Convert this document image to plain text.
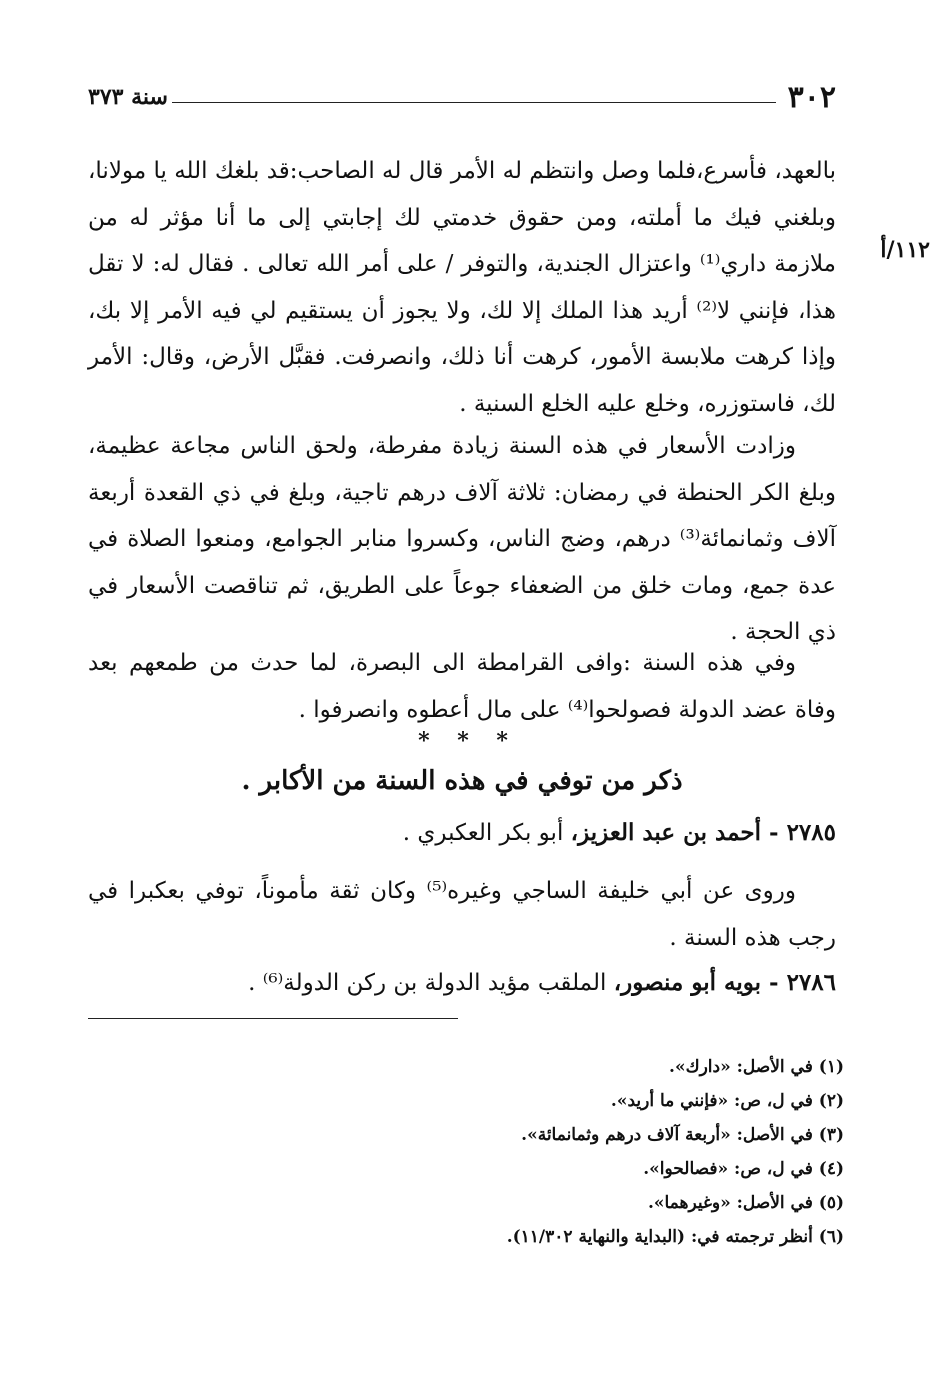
٣٠٢
سنة ٣٧٣
١١٢/أ

بالعهد، فأسرع،فلما وصل وانتظم له الأمر قال له الصاحب:قد بلغك الله يا مولانا، وبلغني فيك ما أملته، ومن حقوق خدمتي لك إجابتي إلى ما أنا مؤثر له من ملازمة داري⁽¹⁾ واعتزال الجندية، والتوفر / على أمر الله تعالى . فقال له: لا تقل هذا، فإنني لا⁽²⁾ أريد هذا الملك إلا لك، ولا يجوز أن يستقيم لي فيه الأمر إلا بك، وإذا كرهت ملابسة الأمور، كرهت أنا ذلك، وانصرفت. فقبَّل الأرض، وقال: الأمر لك، فاستوزره، وخلع عليه الخلع السنية .

وزادت الأسعار في هذه السنة زيادة مفرطة، ولحق الناس مجاعة عظيمة، وبلغ الكر الحنطة في رمضان: ثلاثة آلاف درهم تاجية، وبلغ في ذي القعدة أربعة آلاف وثمانمائة⁽³⁾ درهم، وضج الناس، وكسروا منابر الجوامع، ومنعوا الصلاة في عدة جمع، ومات خلق من الضعفاء جوعاً على الطريق، ثم تناقصت الأسعار في ذي الحجة .

وفي هذه السنة :وافى القرامطة الى البصرة، لما حدث من طمعهم بعد وفاة عضد الدولة فصولحوا⁽⁴⁾ على مال أعطوه وانصرفوا .

* * *
ذكر من توفي في هذه السنة من الأكابر .
٢٧٨٥ - أحمد بن عبد العزيز، أبو بكر العكبري .

وروى عن أبي خليفة الساجي وغيره⁽⁵⁾ وكان ثقة مأموناً، توفي بعكبرا في رجب هذه السنة .

٢٧٨٦ - بويه أبو منصور، الملقب مؤيد الدولة بن ركن الدولة⁽⁶⁾ .
(١) في الأصل: «دارك».
(٢) في ل، ص: «فإنني ما أريد».
(٣) في الأصل: «أربعة آلاف درهم وثمانمائة».
(٤) في ل، ص: «فصالحوا».
(٥) في الأصل: «وغيرهما».
(٦) أنظر ترجمته في: (البداية والنهاية ١١/٣٠٢).
